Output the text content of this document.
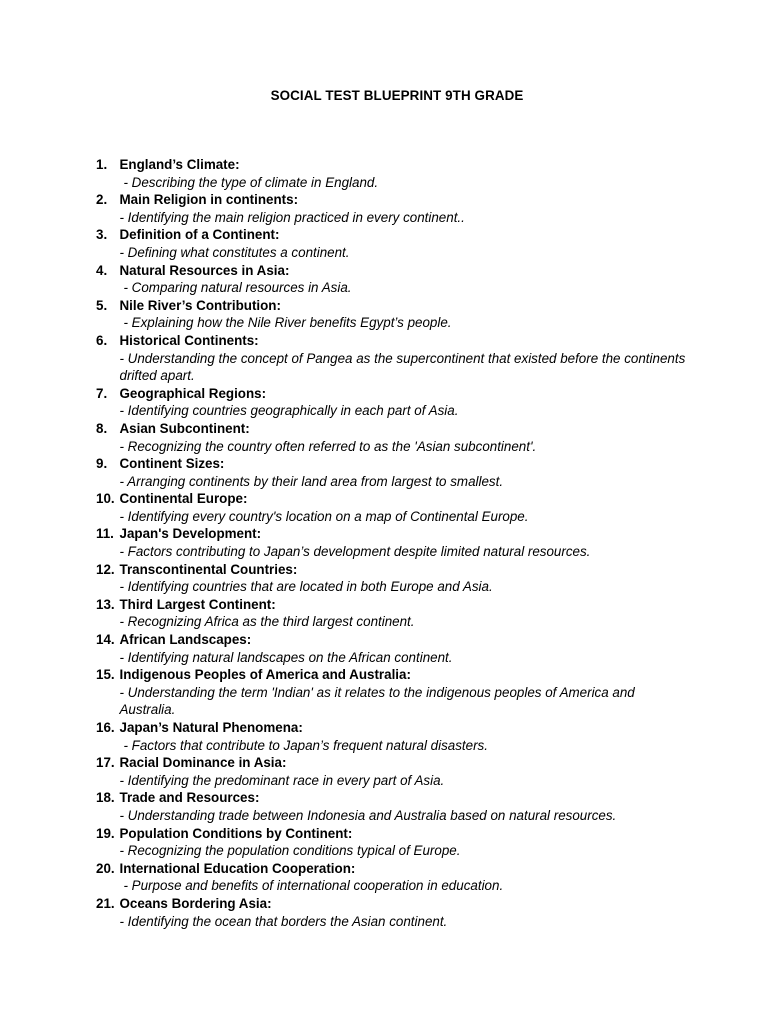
SOCIAL TEST BLUEPRINT 9TH GRADE
1. England’s Climate:
- Describing the type of climate in England.
2. Main Religion in continents:
- Identifying the main religion practiced in every continent..
3. Definition of a Continent:
- Defining what constitutes a continent.
4. Natural Resources in Asia:
- Comparing natural resources in Asia.
5. Nile River’s Contribution:
- Explaining how the Nile River benefits Egypt’s people.
6. Historical Continents:
- Understanding the concept of Pangea as the supercontinent that existed before the continents drifted apart.
7. Geographical Regions:
- Identifying countries geographically in each part of Asia.
8. Asian Subcontinent:
- Recognizing the country often referred to as the 'Asian subcontinent'.
9. Continent Sizes:
- Arranging continents by their land area from largest to smallest.
10. Continental Europe:
- Identifying every country's location on a map of Continental Europe.
11. Japan's Development:
- Factors contributing to Japan’s development despite limited natural resources.
12. Transcontinental Countries:
- Identifying countries that are located in both Europe and Asia.
13. Third Largest Continent:
- Recognizing Africa as the third largest continent.
14. African Landscapes:
- Identifying natural landscapes on the African continent.
15. Indigenous Peoples of America and Australia:
- Understanding the term 'Indian' as it relates to the indigenous peoples of America and Australia.
16. Japan’s Natural Phenomena:
- Factors that contribute to Japan’s frequent natural disasters.
17. Racial Dominance in Asia:
- Identifying the predominant race in every part of Asia.
18. Trade and Resources:
- Understanding trade between Indonesia and Australia based on natural resources.
19. Population Conditions by Continent:
- Recognizing the population conditions typical of Europe.
20. International Education Cooperation:
- Purpose and benefits of international cooperation in education.
21. Oceans Bordering Asia:
- Identifying the ocean that borders the Asian continent.
